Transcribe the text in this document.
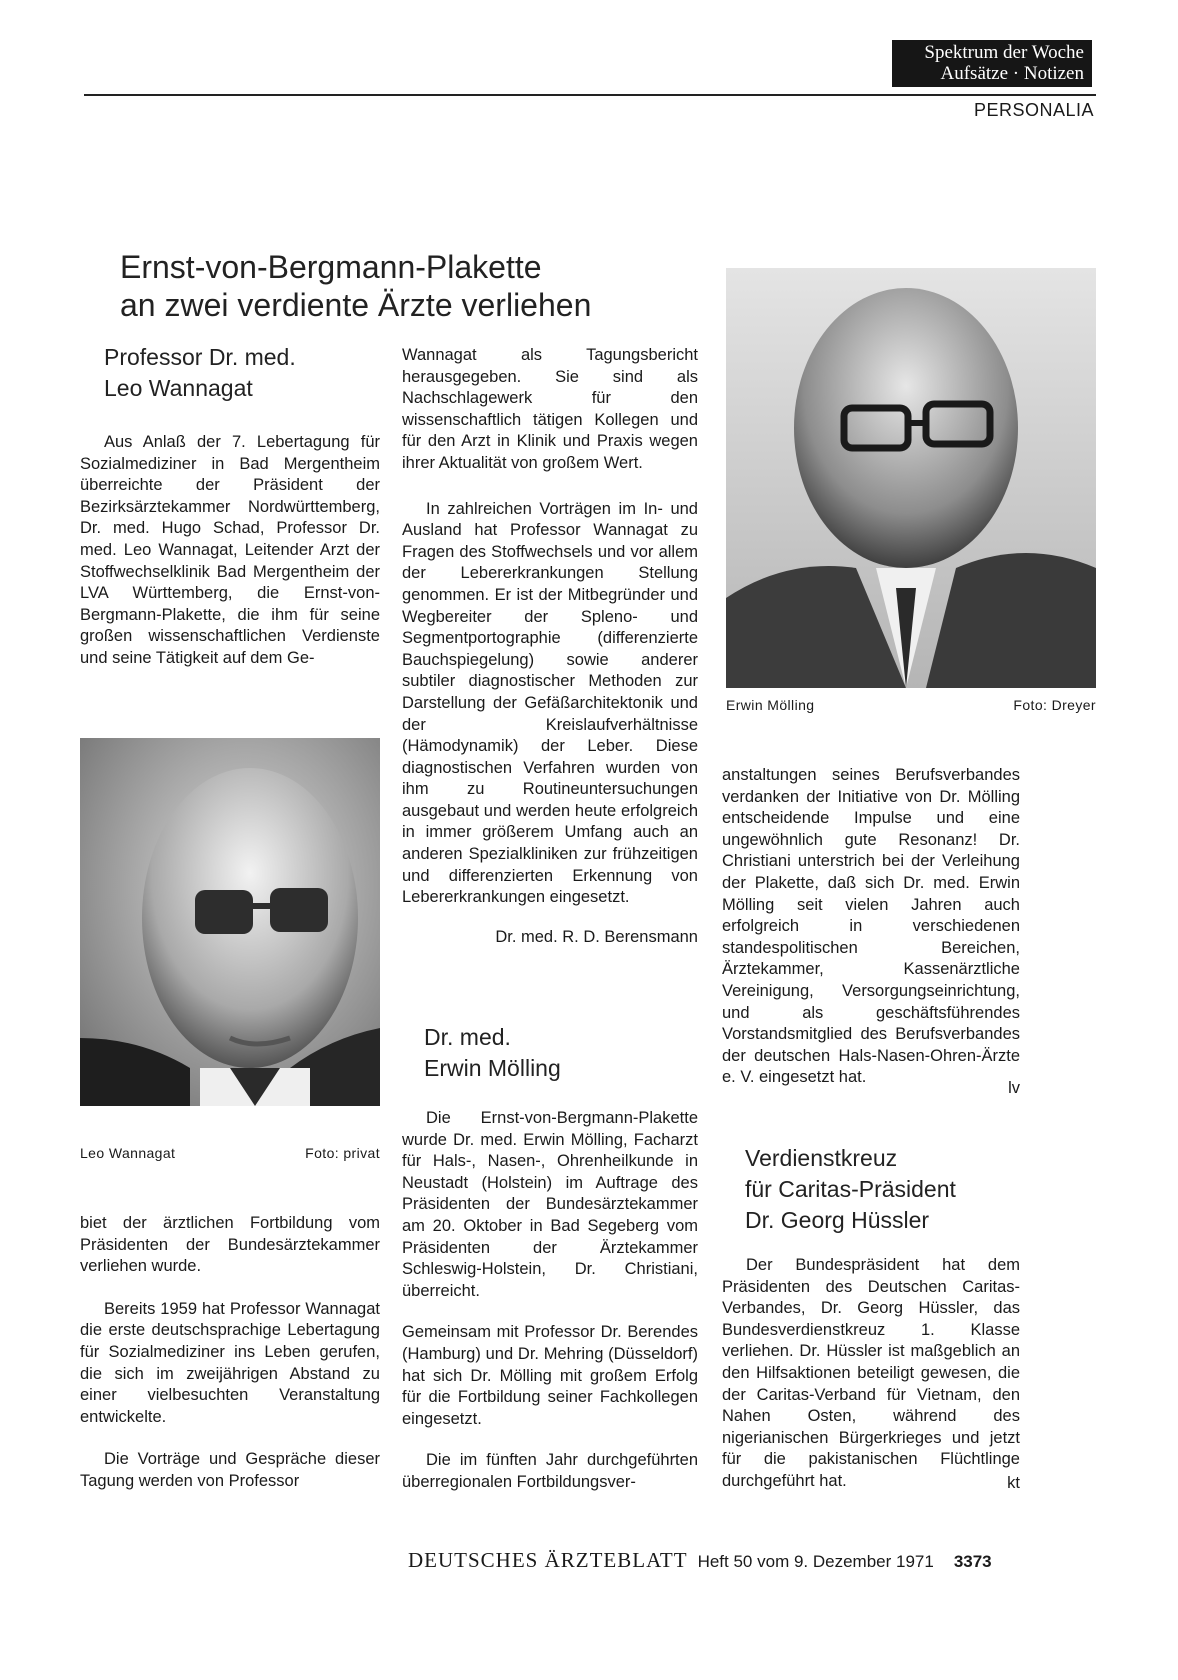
Spektrum der Woche
Aufsätze · Notizen
PERSONALIA
Ernst-von-Bergmann-Plakette
an zwei verdiente Ärzte verliehen
Professor Dr. med.
Leo Wannagat

Aus Anlaß der 7. Lebertagung für Sozialmediziner in Bad Mergentheim überreichte der Präsident der Bezirksärztekammer Nordwürttemberg, Dr. med. Hugo Schad, Professor Dr. med. Leo Wannagat, Leitender Arzt der Stoffwechselklinik Bad Mergentheim der LVA Württemberg, die Ernst-von-Bergmann-Plakette, die ihm für seine großen wissenschaftlichen Verdienste und seine Tätigkeit auf dem Ge-

Leo Wannagat	Foto: privat

biet der ärztlichen Fortbildung vom Präsidenten der Bundesärztekammer verliehen wurde.

Bereits 1959 hat Professor Wannagat die erste deutschsprachige Lebertagung für Sozialmediziner ins Leben gerufen, die sich im zweijährigen Abstand zu einer vielbesuchten Veranstaltung entwickelte.

Die Vorträge und Gespräche dieser Tagung werden von Professor

Wannagat als Tagungsbericht herausgegeben. Sie sind als Nachschlagewerk für den wissenschaftlich tätigen Kollegen und für den Arzt in Klinik und Praxis wegen ihrer Aktualität von großem Wert.

In zahlreichen Vorträgen im In- und Ausland hat Professor Wannagat zu Fragen des Stoffwechsels und vor allem der Lebererkrankungen Stellung genommen. Er ist der Mitbegründer und Wegbereiter der Spleno- und Segmentportographie (differenzierte Bauchspiegelung) sowie anderer subtiler diagnostischer Methoden zur Darstellung der Gefäßarchitektonik und der Kreislaufverhältnisse (Hämodynamik) der Leber. Diese diagnostischen Verfahren wurden von ihm zu Routineuntersuchungen ausgebaut und werden heute erfolgreich in immer größerem Umfang auch an anderen Spezialkliniken zur frühzeitigen und differenzierten Erkennung von Lebererkrankungen eingesetzt.

Dr. med. R. D. Berensmann
Dr. med.
Erwin Mölling

Die Ernst-von-Bergmann-Plakette wurde Dr. med. Erwin Mölling, Facharzt für Hals-, Nasen-, Ohrenheilkunde in Neustadt (Holstein) im Auftrage des Präsidenten der Bundesärztekammer am 20. Oktober in Bad Segeberg vom Präsidenten der Ärztekammer Schleswig-Holstein, Dr. Christiani, überreicht.

Gemeinsam mit Professor Dr. Berendes (Hamburg) und Dr. Mehring (Düsseldorf) hat sich Dr. Mölling mit großem Erfolg für die Fortbildung seiner Fachkollegen eingesetzt.

Die im fünften Jahr durchgeführten überregionalen Fortbildungsver-

Erwin Mölling	Foto: Dreyer

anstaltungen seines Berufsverbandes verdanken der Initiative von Dr. Mölling entscheidende Impulse und eine ungewöhnlich gute Resonanz! Dr. Christiani unterstrich bei der Verleihung der Plakette, daß sich Dr. med. Erwin Mölling seit vielen Jahren auch erfolgreich in verschiedenen standespolitischen Bereichen, Ärztekammer, Kassenärztliche Vereinigung, Versorgungseinrichtung, und als geschäftsführendes Vorstandsmitglied des Berufsverbandes der deutschen Hals-Nasen-Ohren-Ärzte e. V. eingesetzt hat.

lv
Verdienstkreuz
für Caritas-Präsident
Dr. Georg Hüssler

Der Bundespräsident hat dem Präsidenten des Deutschen Caritas-Verbandes, Dr. Georg Hüssler, das Bundesverdienstkreuz 1. Klasse verliehen. Dr. Hüssler ist maßgeblich an den Hilfsaktionen beteiligt gewesen, die der Caritas-Verband für Vietnam, den Nahen Osten, während des nigerianischen Bürgerkrieges und jetzt für die pakistanischen Flüchtlinge durchgeführt hat.	kt
DEUTSCHES ÄRZTEBLATT Heft 50 vom 9. Dezember 1971 3373
